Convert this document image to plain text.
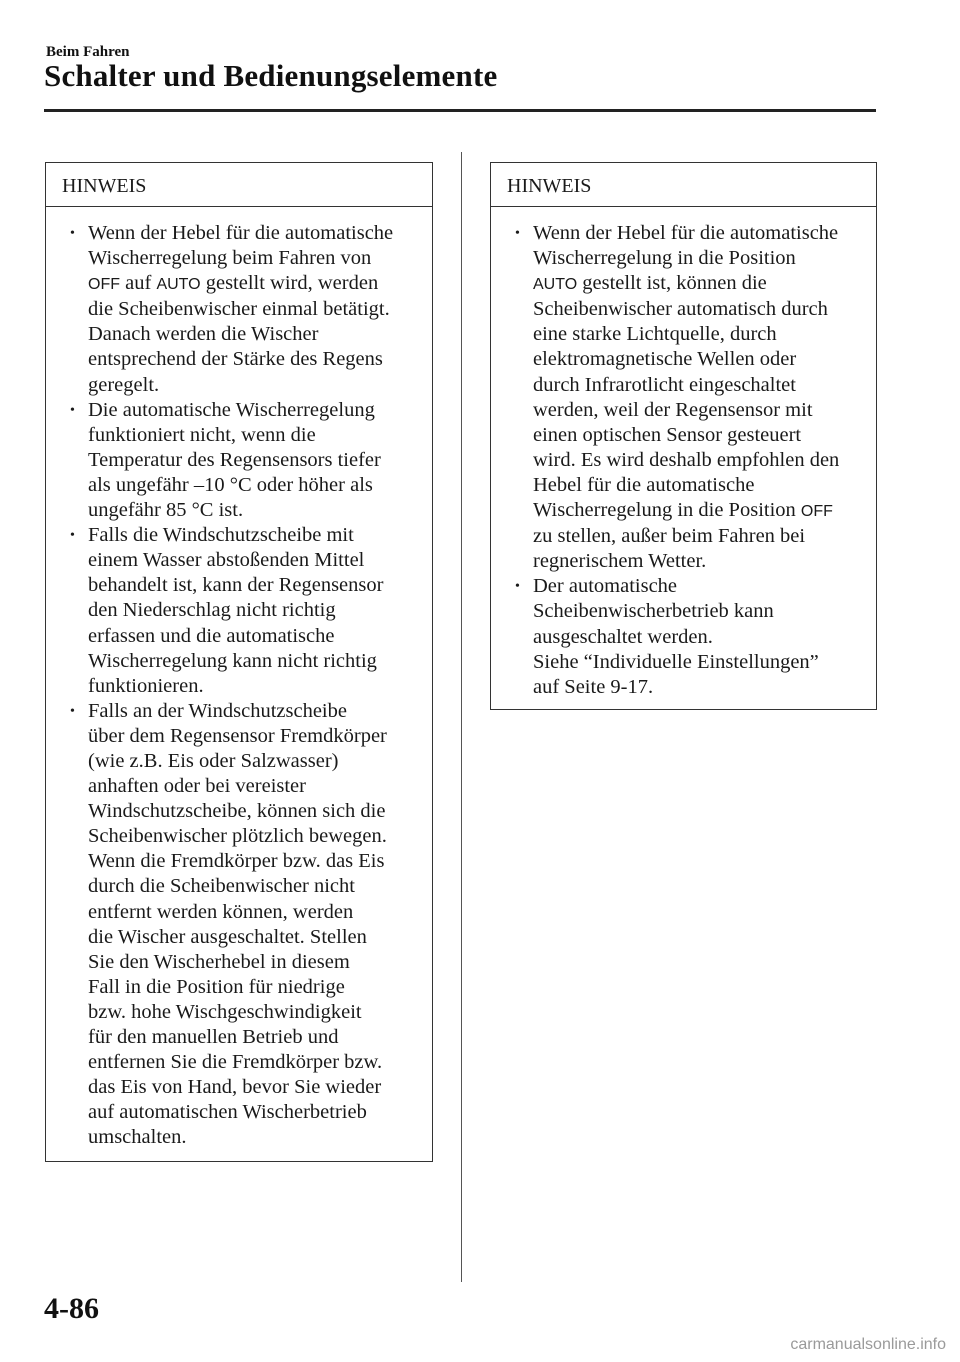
Beim Fahren
Schalter und Bedienungselemente
HINWEIS
• Wenn der Hebel für die automatische
Wischerregelung beim Fahren von
OFF auf AUTO gestellt wird, werden
die Scheibenwischer einmal betätigt.
Danach werden die Wischer
entsprechend der Stärke des Regens
geregelt.
• Die automatische Wischerregelung
funktioniert nicht, wenn die
Temperatur des Regensensors tiefer
als ungefähr –10 °C oder höher als
ungefähr 85 °C ist.
• Falls die Windschutzscheibe mit
einem Wasser abstoßenden Mittel
behandelt ist, kann der Regensensor
den Niederschlag nicht richtig
erfassen und die automatische
Wischerregelung kann nicht richtig
funktionieren.
• Falls an der Windschutzscheibe
über dem Regensensor Fremdkörper
(wie z.B. Eis oder Salzwasser)
anhaften oder bei vereister
Windschutzscheibe, können sich die
Scheibenwischer plötzlich bewegen.
Wenn die Fremdkörper bzw. das Eis
durch die Scheibenwischer nicht
entfernt werden können, werden
die Wischer ausgeschaltet. Stellen
Sie den Wischerhebel in diesem
Fall in die Position für niedrige
bzw. hohe Wischgeschwindigkeit
für den manuellen Betrieb und
entfernen Sie die Fremdkörper bzw.
das Eis von Hand, bevor Sie wieder
auf automatischen Wischerbetrieb
umschalten.
HINWEIS
• Wenn der Hebel für die automatische
Wischerregelung in die Position
AUTO gestellt ist, können die
Scheibenwischer automatisch durch
eine starke Lichtquelle, durch
elektromagnetische Wellen oder
durch Infrarotlicht eingeschaltet
werden, weil der Regensensor mit
einen optischen Sensor gesteuert
wird. Es wird deshalb empfohlen den
Hebel für die automatische
Wischerregelung in die Position OFF
zu stellen, außer beim Fahren bei
regnerischem Wetter.
• Der automatische
Scheibenwischerbetrieb kann
ausgeschaltet werden.
Siehe “Individuelle Einstellungen”
auf Seite 9-17.
4-86
carmanualsonline.info
